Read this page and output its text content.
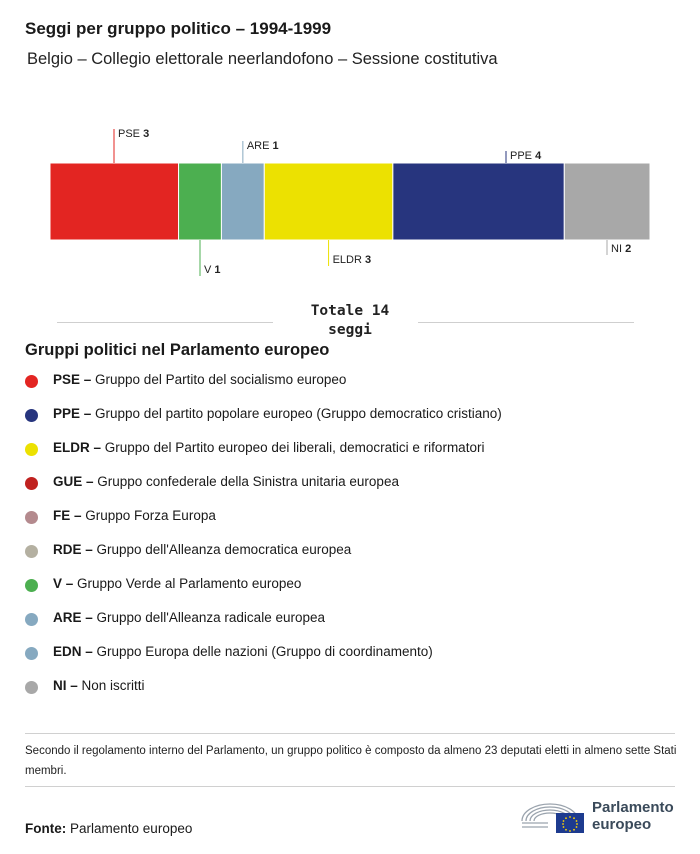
Seggi per gruppo politico – 1994-1999
Belgio – Collegio elettorale neerlandofono – Sessione costitutiva
PSE 3
V 1
ARE 1
ELDR 3
PPE 4
NI 2
Totale 14
seggi
Gruppi politici nel Parlamento europeo
PSE – Gruppo del Partito del socialismo europeo
PPE – Gruppo del partito popolare europeo (Gruppo democratico cristiano)
ELDR – Gruppo del Partito europeo dei liberali, democratici e riformatori
GUE – Gruppo confederale della Sinistra unitaria europea
FE – Gruppo Forza Europa
RDE – Gruppo dell'Alleanza democratica europea
V – Gruppo Verde al Parlamento europeo
ARE – Gruppo dell'Alleanza radicale europea
EDN – Gruppo Europa delle nazioni (Gruppo di coordinamento)
NI – Non iscritti
Secondo il regolamento interno del Parlamento, un gruppo politico è composto da almeno 23 deputati eletti in almeno sette Stati membri.
Fonte: Parlamento europeo
Parlamento
europeo
